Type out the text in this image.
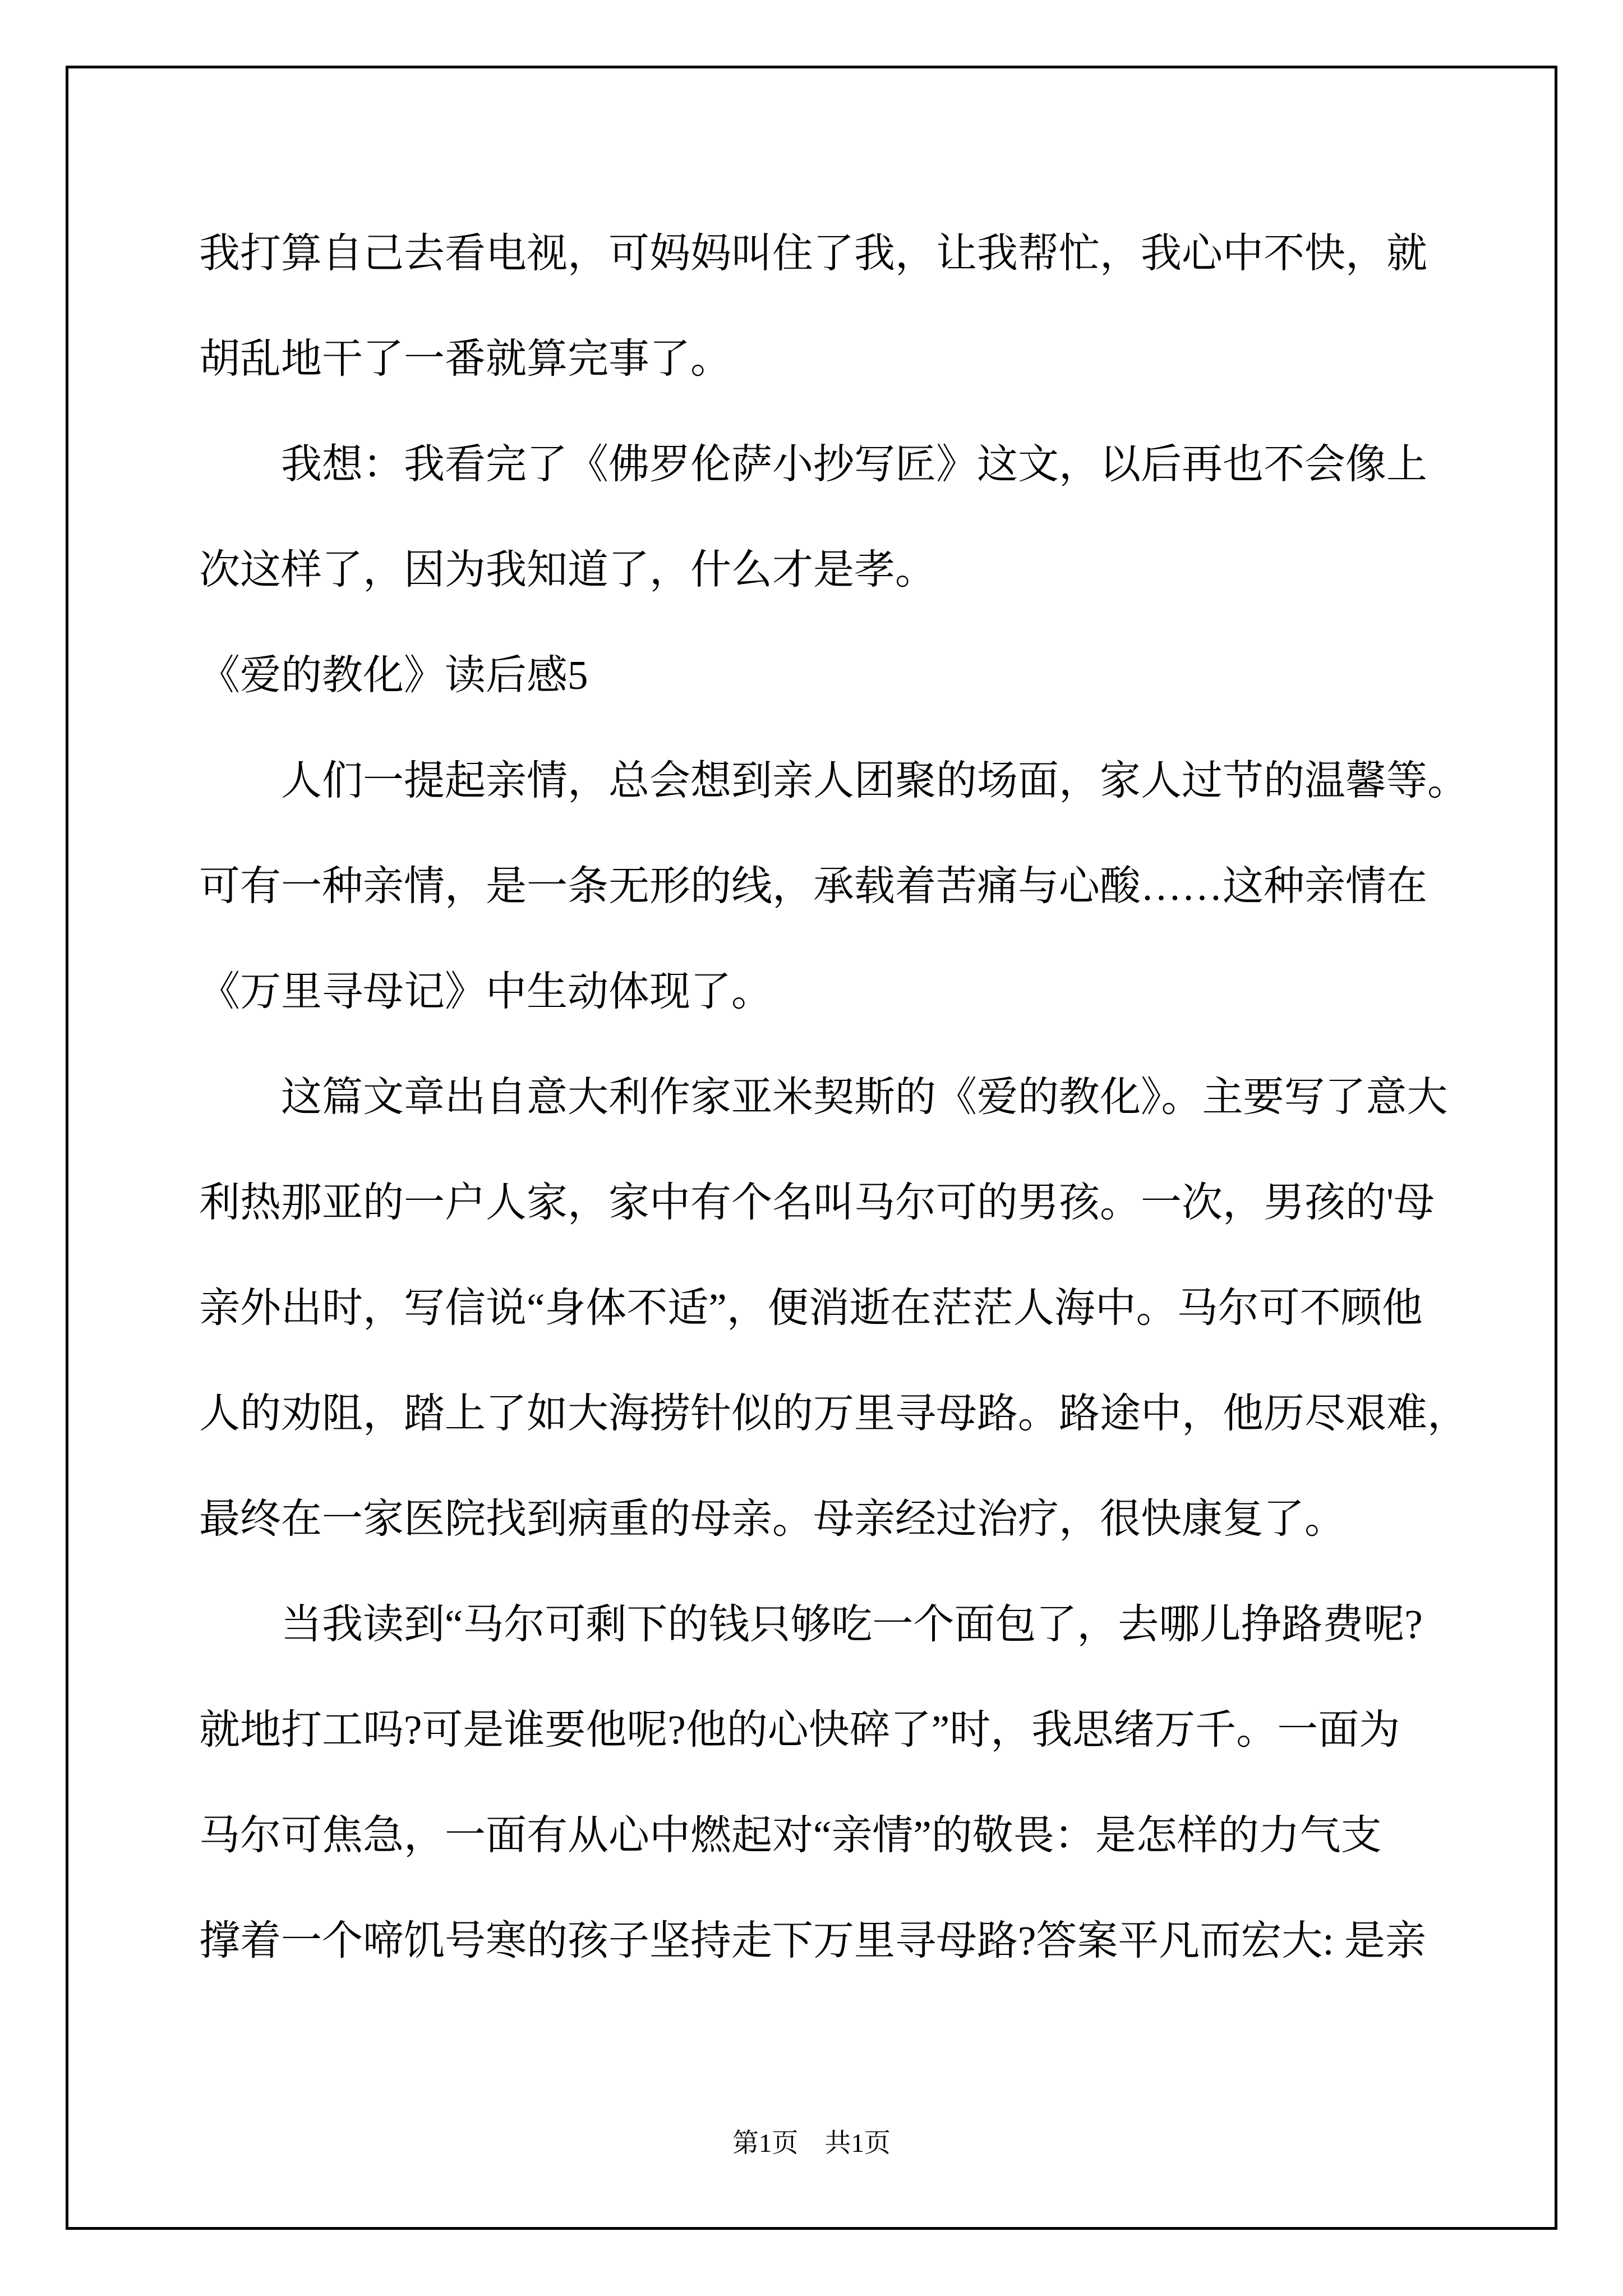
我打算自己去看电视，可妈妈叫住了我，让我帮忙，我心中不快，就
胡乱地干了一番就算完事了。
我想：我看完了《佛罗伦萨小抄写匠》这文，以后再也不会像上
次这样了，因为我知道了，什么才是孝。
《爱的教化》读后感5
人们一提起亲情，总会想到亲人团聚的场面，家人过节的温馨等。
可有一种亲情，是一条无形的线，承载着苦痛与心酸……这种亲情在
《万里寻母记》中生动体现了。
这篇文章出自意大利作家亚米契斯的《爱的教化》。主要写了意大
利热那亚的一户人家，家中有个名叫马尔可的男孩。一次，男孩的'母
亲外出时，写信说“身体不适”，便消逝在茫茫人海中。马尔可不顾他
人的劝阻，踏上了如大海捞针似的万里寻母路。路途中，他历尽艰难，
最终在一家医院找到病重的母亲。母亲经过治疗，很快康复了。
当我读到“马尔可剩下的钱只够吃一个面包了，去哪儿挣路费呢?
就地打工吗?可是谁要他呢?他的心快碎了”时，我思绪万千。一面为
马尔可焦急，一面有从心中燃起对“亲情”的敬畏：是怎样的力气支
撑着一个啼饥号寒的孩子坚持走下万里寻母路?答案平凡而宏大: 是亲
第1页　共1页
